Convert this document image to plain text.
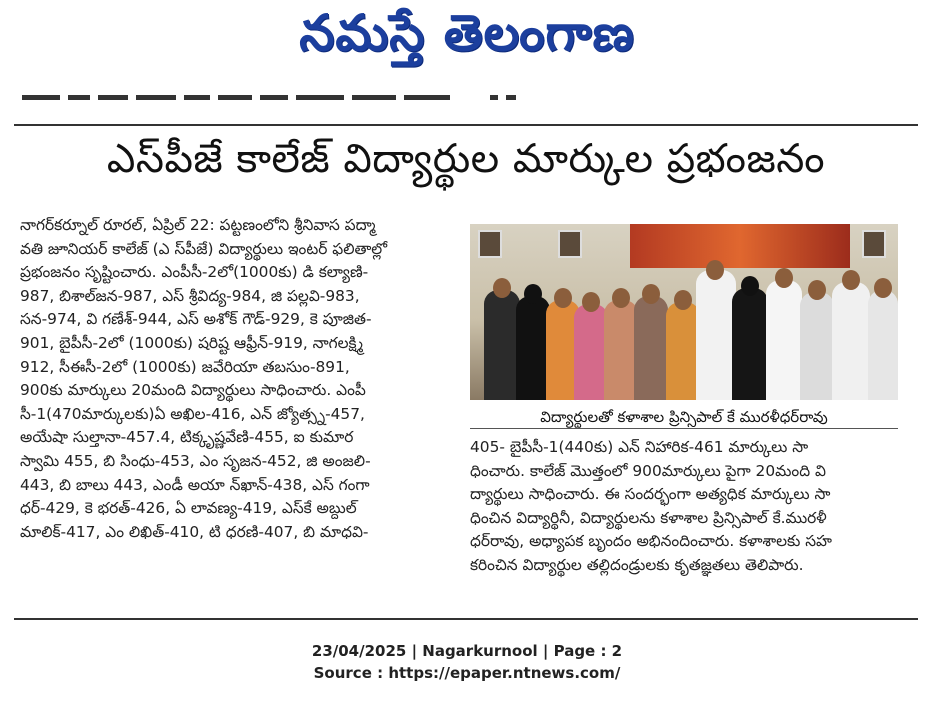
నమస్తే తెలంగాణ
ఎస్‌పీజే కాలేజ్ విద్యార్థుల మార్కుల ప్రభంజనం
నాగర్‌కర్నూల్ రూరల్, ఏప్రిల్ 22: పట్టణంలోని శ్రీనివాస పద్మా
వతి జూనియర్ కాలేజ్ (ఎ స్‌పీజే) విద్యార్థులు ఇంటర్ ఫలితాల్లో
ప్రభంజనం సృష్టించారు. ఎంపీసీ-2లో(1000కు) డి కల్యాణి-
987, బిశాల్‌జన-987, ఎస్ శ్రీవిద్య-984, జి పల్లవి-983,
సన-974, వి గణేశ్-944, ఎస్ అశోక్ గౌడ్-929, కె పూజిత-
901, బైపీసీ-2లో (1000కు) షరిష్ట ఆఫ్రీన్-919, నాగలక్ష్మి
912, సీఈసీ-2లో (1000కు) జవేరియా తబసుం-891,
900కు మార్కులు 20మంది విద్యార్థులు సాధించారు. ఎంపీ
సీ-1(470మార్కులకు)ఏ అఖిల-416, ఎన్ జ్యోత్స్న-457,
అయేషా సుల్తానా-457.4, టిక్కృష్ణవేణి-455, ఐ కుమార
స్వామి 455, బి సింధు-453, ఎం సృజన-452, జి అంజలి-
443, బి బాలు 443, ఎండీ అయా న్‌ఖాన్-438, ఎస్ గంగా
ధర్-429, కె భరత్-426, ఏ లావణ్య-419, ఎస్‌కే అబ్దుల్
మాలిక్-417, ఎం లిఖిత్-410, టి ధరణి-407, బి మాధవి-
విద్యార్థులతో కళాశాల ప్రిన్సిపాల్ కే మురళీధర్‌రావు
405- బైపీసీ-1(440కు) ఎన్ నిహారిక-461 మార్కులు సా
ధించారు. కాలేజ్ మొత్తంలో 900మార్కులు పైగా 20మంది వి
ద్యార్థులు సాధించారు. ఈ సందర్భంగా అత్యధిక మార్కులు సా
ధించిన విద్యార్థినీ, విద్యార్థులను కళాశాల ప్రిన్సిపాల్ కే.మురళీ
ధర్‌రావు, అధ్యాపక బృందం అభినందించారు. కళాశాలకు సహ
కరించిన విద్యార్థుల తల్లిదండ్రులకు కృతజ్ఞతలు తెలిపారు.
23/04/2025 | Nagarkurnool | Page : 2
Source : https://epaper.ntnews.com/
